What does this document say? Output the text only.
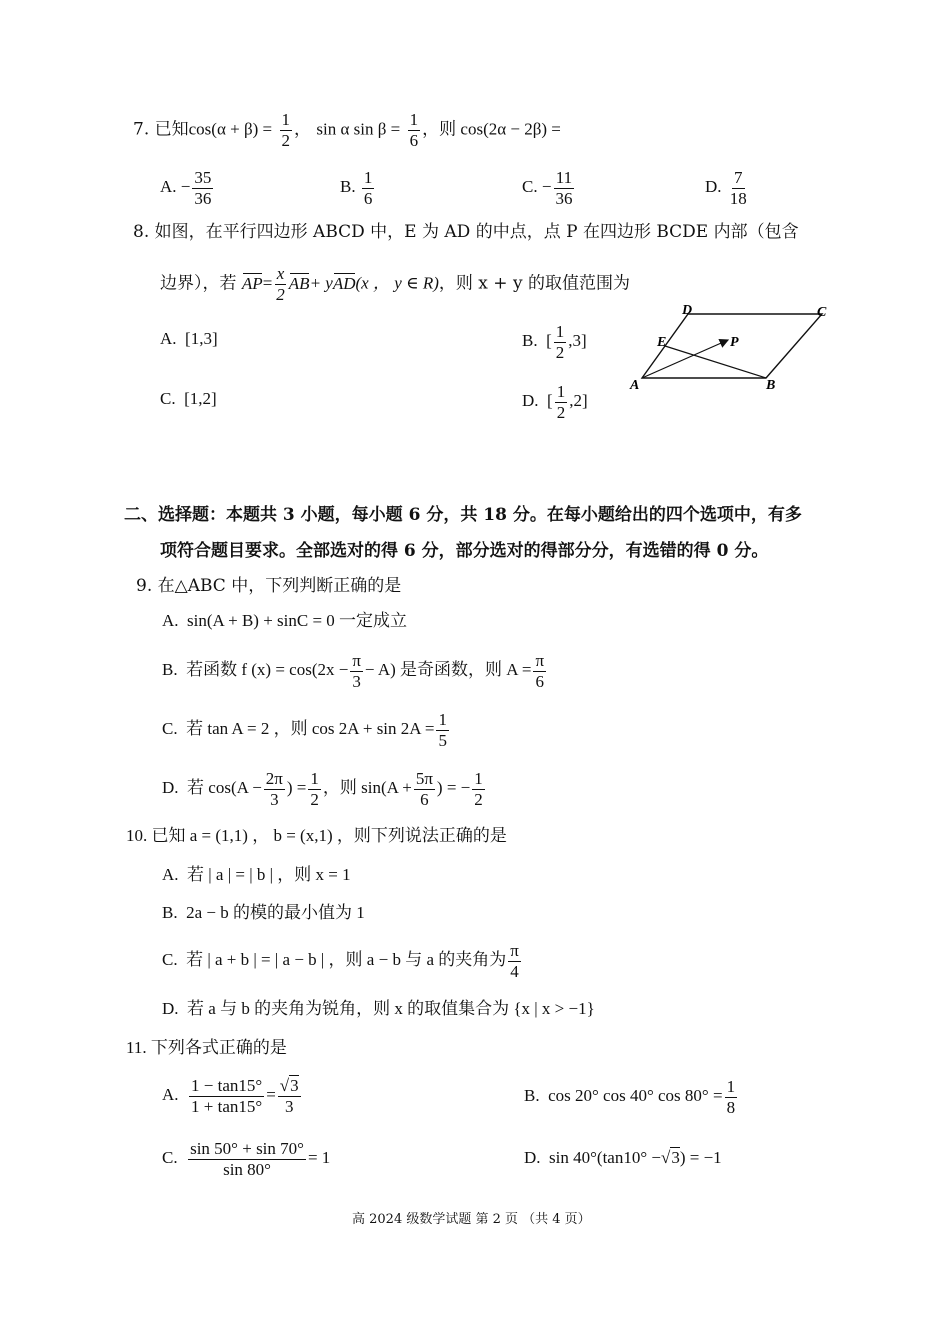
7. 已知$\cos(\alpha + \beta) = \frac{1}{2}$ ， sin α $\sin \beta = \frac{1}{6}$ ，则 cos(2α − 2β) =
A. − $\frac{35}{36}$	B. $\frac{1}{6}$	C. − $\frac{11}{36}$	D. $\frac{7}{18}$
8. 如图，在平行四边形 ABCD 中，E 为 AD 的中点，点 P 在四边形 BCDE 内部（包含
边界），若 $AP= \frac{x}{2} AB+ yAD(x$ ， y ∈ R)，则 x + y 的取值范围为
A. [1,3]	B. [ $\frac{1}{2} ,3$]
C. [1,2]	D. [ $\frac{1}{2} ,2$]
A	B
C
D
E	P
二、选择题：本题共 3 小题，每小题 6 分，共 18 分。在每小题给出的四个选项中，有多
项符合题目要求。全部选对的得 6 分，部分选对的得部分分，有选错的得 0 分。
9. 在△ABC 中，下列判断正确的是
A. sin(A + B) + sinC = 0 一定成立
B. 若函数 f $(x) = \cos(2x - \frac{\pi}{3} - A)$ 是奇函数，则 $A = \frac{\pi}{6}$
C. 若 tan A = 2 ，则 $\cos 2A + \sin 2A = \frac{1}{5}$
D. 若 $\cos(A - \frac{2\pi}{3}$ ) = $\frac{1}{2}$ ，则 $\sin(A + \frac{5\pi}{6}$ ) = − $\frac{1}{2}$
10. 已知 a = (1,1) ， b = (x,1) ，则下列说法正确的是
A. 若 | a | = | b | ，则 x = 1
B. 2a − b 的模的最小值为 1
C. 若 | a + b | = | a − b | ，则 a − b 与 a 的夹角为 $\frac{\pi}{4}$
D. 若 a 与 b 的夹角为锐角，则 x 的取值集合为 {x | x > −1}
11. 下列各式正确的是
A. $\frac{1 - \tan 15^\circ}{1 + \tan 15^\circ} = \frac{√3}{3}$	B. cos 20° cos 40° $\cos 80^\circ = \frac{1}{8}$
C. $\frac{\sin 50^\circ + \sin 70^\circ}{\sin 80^\circ} = 1$	D. sin 40°(tan10° −√3) = −1
高 2024 级数学试题 第 2 页 （共 4 页）
